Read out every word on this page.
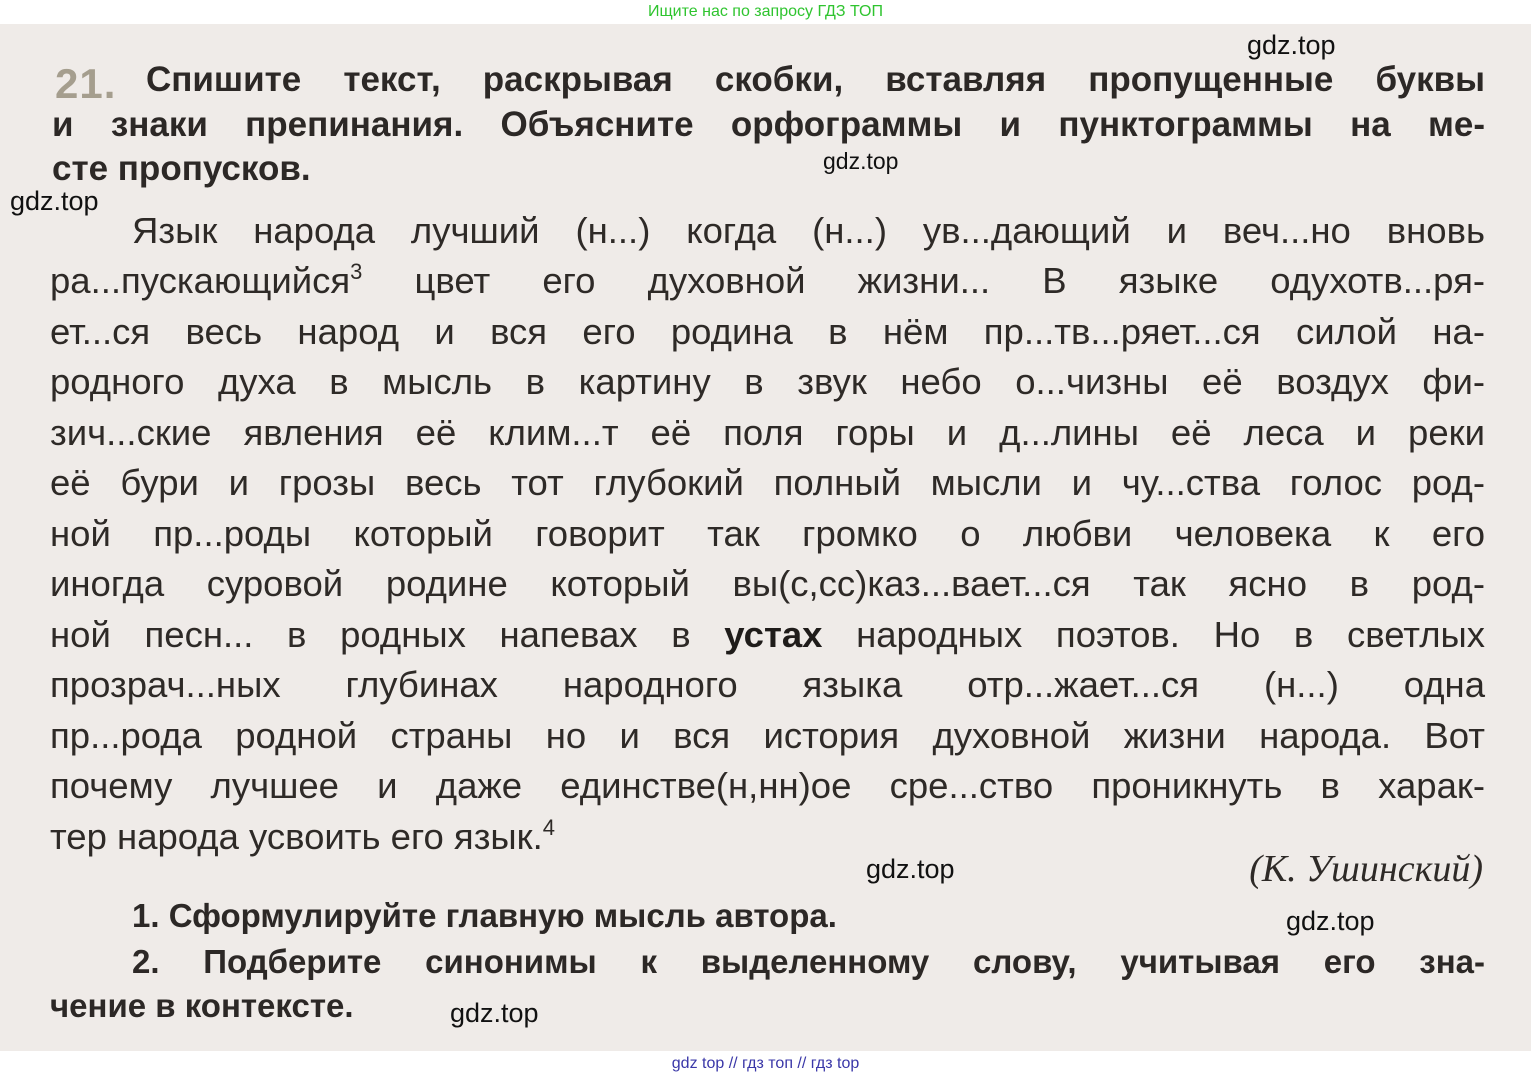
Ищите нас по запросу ГДЗ ТОП
gdz.top
gdz.top
gdz.top
21. Спишите текст, раскрывая скобки, вставляя пропущенные буквы
и знаки препинания. Объясните орфограммы и пунктограммы на ме-
сте пропусков.
Язык народа лучший (н...) когда (н...) ув...дающий и веч...но вновь
ра...пускающийся$^3$ цвет его духовной жизни... В языке одухотв...ря-
ет...ся весь народ и вся его родина в нём пр...тв...ряет...ся силой на-
родного духа в мысль в картину в звук небо о...чизны её воздух фи-
зич...ские явления её клим...т её поля горы и д...лины её леса и реки
её бури и грозы весь тот глубокий полный мысли и чу...ства голос род-
ной пр...роды который говорит так громко о любви человека к его
иногда суровой родине который вы(с,сс)каз...вает...ся так ясно в род-
ной песн... в родных напевах в устах народных поэтов. Но в светлых
прозрач...ных глубинах народного языка отр...жает...ся (н...) одна
пр...рода родной страны но и вся история духовной жизни народа. Вот
почему лучшее и даже единстве(н,нн)ое сре...ство проникнуть в харак-
тер народа усвоить его язык.$^4$
gdz.top	(К. Ушинский)
1. Сформулируйте главную мысль автора.	gdz.top
2. Подберите синонимы к выделенному слову, учитывая его зна-
чение в контексте.	gdz.top
gdz top // гдз топ // гдз top
